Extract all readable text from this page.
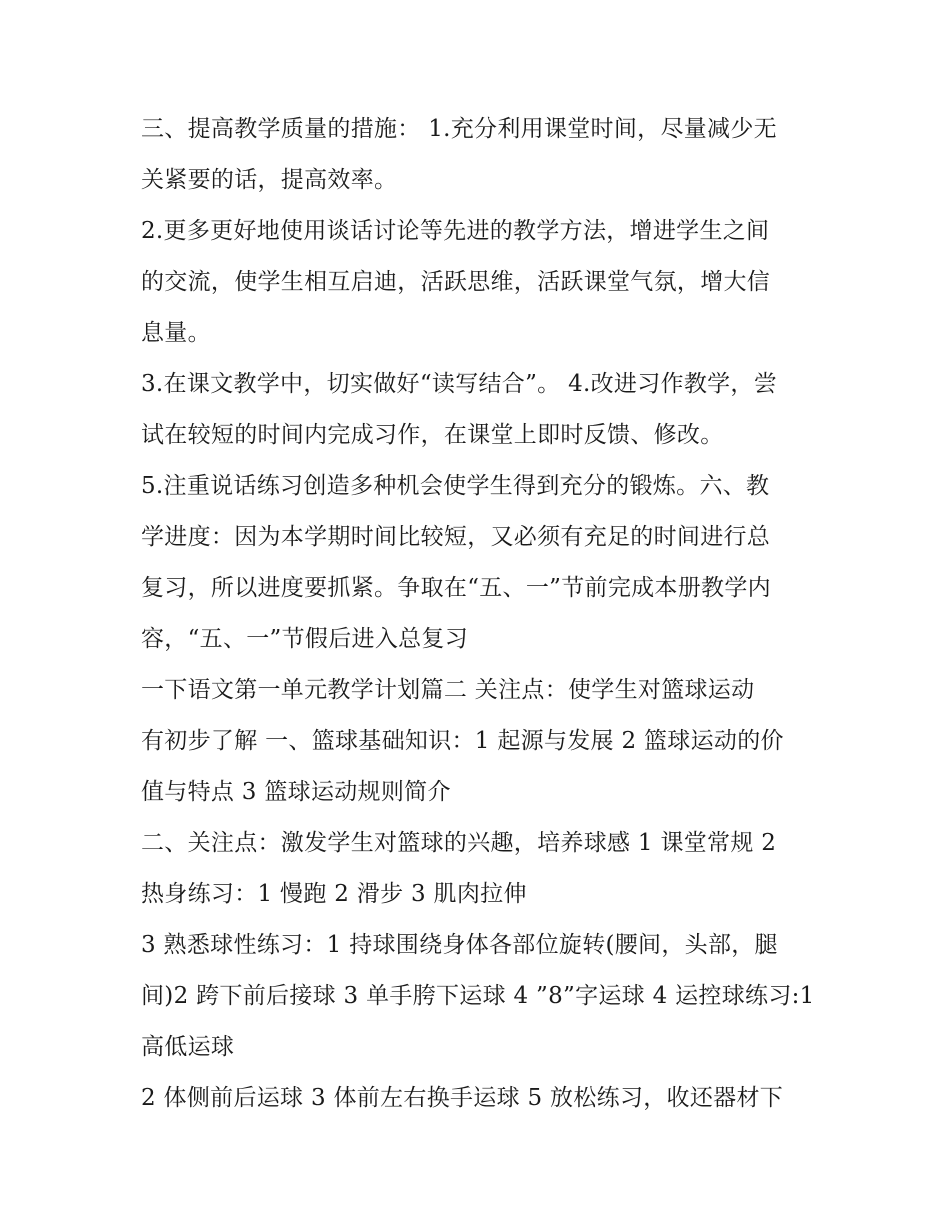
三、提高教学质量的措施： 1.充分利用课堂时间，尽量减少无
关紧要的话，提高效率。
2.更多更好地使用谈话讨论等先进的教学方法，增进学生之间
的交流，使学生相互启迪，活跃思维，活跃课堂气氛，增大信
息量。
3.在课文教学中，切实做好“读写结合”。 4.改进习作教学，尝
试在较短的时间内完成习作，在课堂上即时反馈、修改。
5.注重说话练习创造多种机会使学生得到充分的锻炼。六、教
学进度：因为本学期时间比较短，又必须有充足的时间进行总
复习，所以进度要抓紧。争取在“五、一”节前完成本册教学内
容，“五、一”节假后进入总复习
一下语文第一单元教学计划篇二 关注点：使学生对篮球运动
有初步了解 一、篮球基础知识：1 起源与发展 2 篮球运动的价
值与特点 3 篮球运动规则简介
二、关注点：激发学生对篮球的兴趣，培养球感 1 课堂常规 2
热身练习：1 慢跑 2 滑步 3 肌肉拉伸
3 熟悉球性练习：1 持球围绕身体各部位旋转(腰间，头部，腿
间)2 跨下前后接球 3 单手胯下运球 4 ”8”字运球 4 运控球练习:1
高低运球
2 体侧前后运球 3 体前左右换手运球 5 放松练习，收还器材下
